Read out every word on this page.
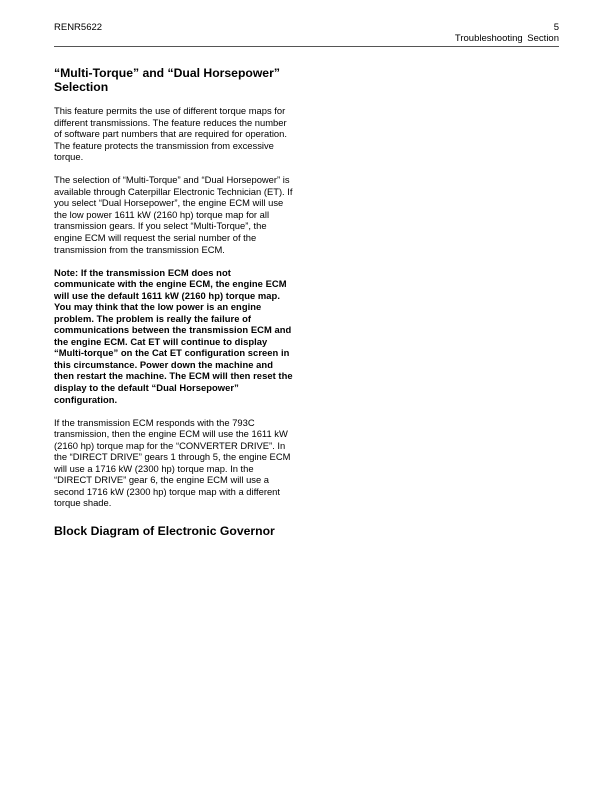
RENR5622	5
Troubleshooting Section
“Multi-Torque” and “Dual Horsepower” Selection

This feature permits the use of different torque maps for different transmissions. The feature reduces the number of software part numbers that are required for operation. The feature protects the transmission from excessive torque.

The selection of “Multi-Torque” and “Dual Horsepower” is available through Caterpillar Electronic Technician (ET). If you select “Dual Horsepower”, the engine ECM will use the low power 1611 kW (2160 hp) torque map for all transmission gears. If you select “Multi-Torque”, the engine ECM will request the serial number of the transmission from the transmission ECM.

Note: If the transmission ECM does not communicate with the engine ECM, the engine ECM will use the default 1611 kW (2160 hp) torque map. You may think that the low power is an engine problem. The problem is really the failure of communications between the transmission ECM and the engine ECM. Cat ET will continue to display “Multi-torque” on the Cat ET configuration screen in this circumstance. Power down the machine and then restart the machine. The ECM will then reset the display to the default “Dual Horsepower” configuration.

If the transmission ECM responds with the 793C transmission, then the engine ECM will use the 1611 kW (2160 hp) torque map for the “CONVERTER DRIVE”. In the “DIRECT DRIVE” gears 1 through 5, the engine ECM will use a 1716 kW (2300 hp) torque map. In the “DIRECT DRIVE” gear 6, the engine ECM will use a second 1716 kW (2300 hp) torque map with a different torque shade.

Block Diagram of Electronic Governor
